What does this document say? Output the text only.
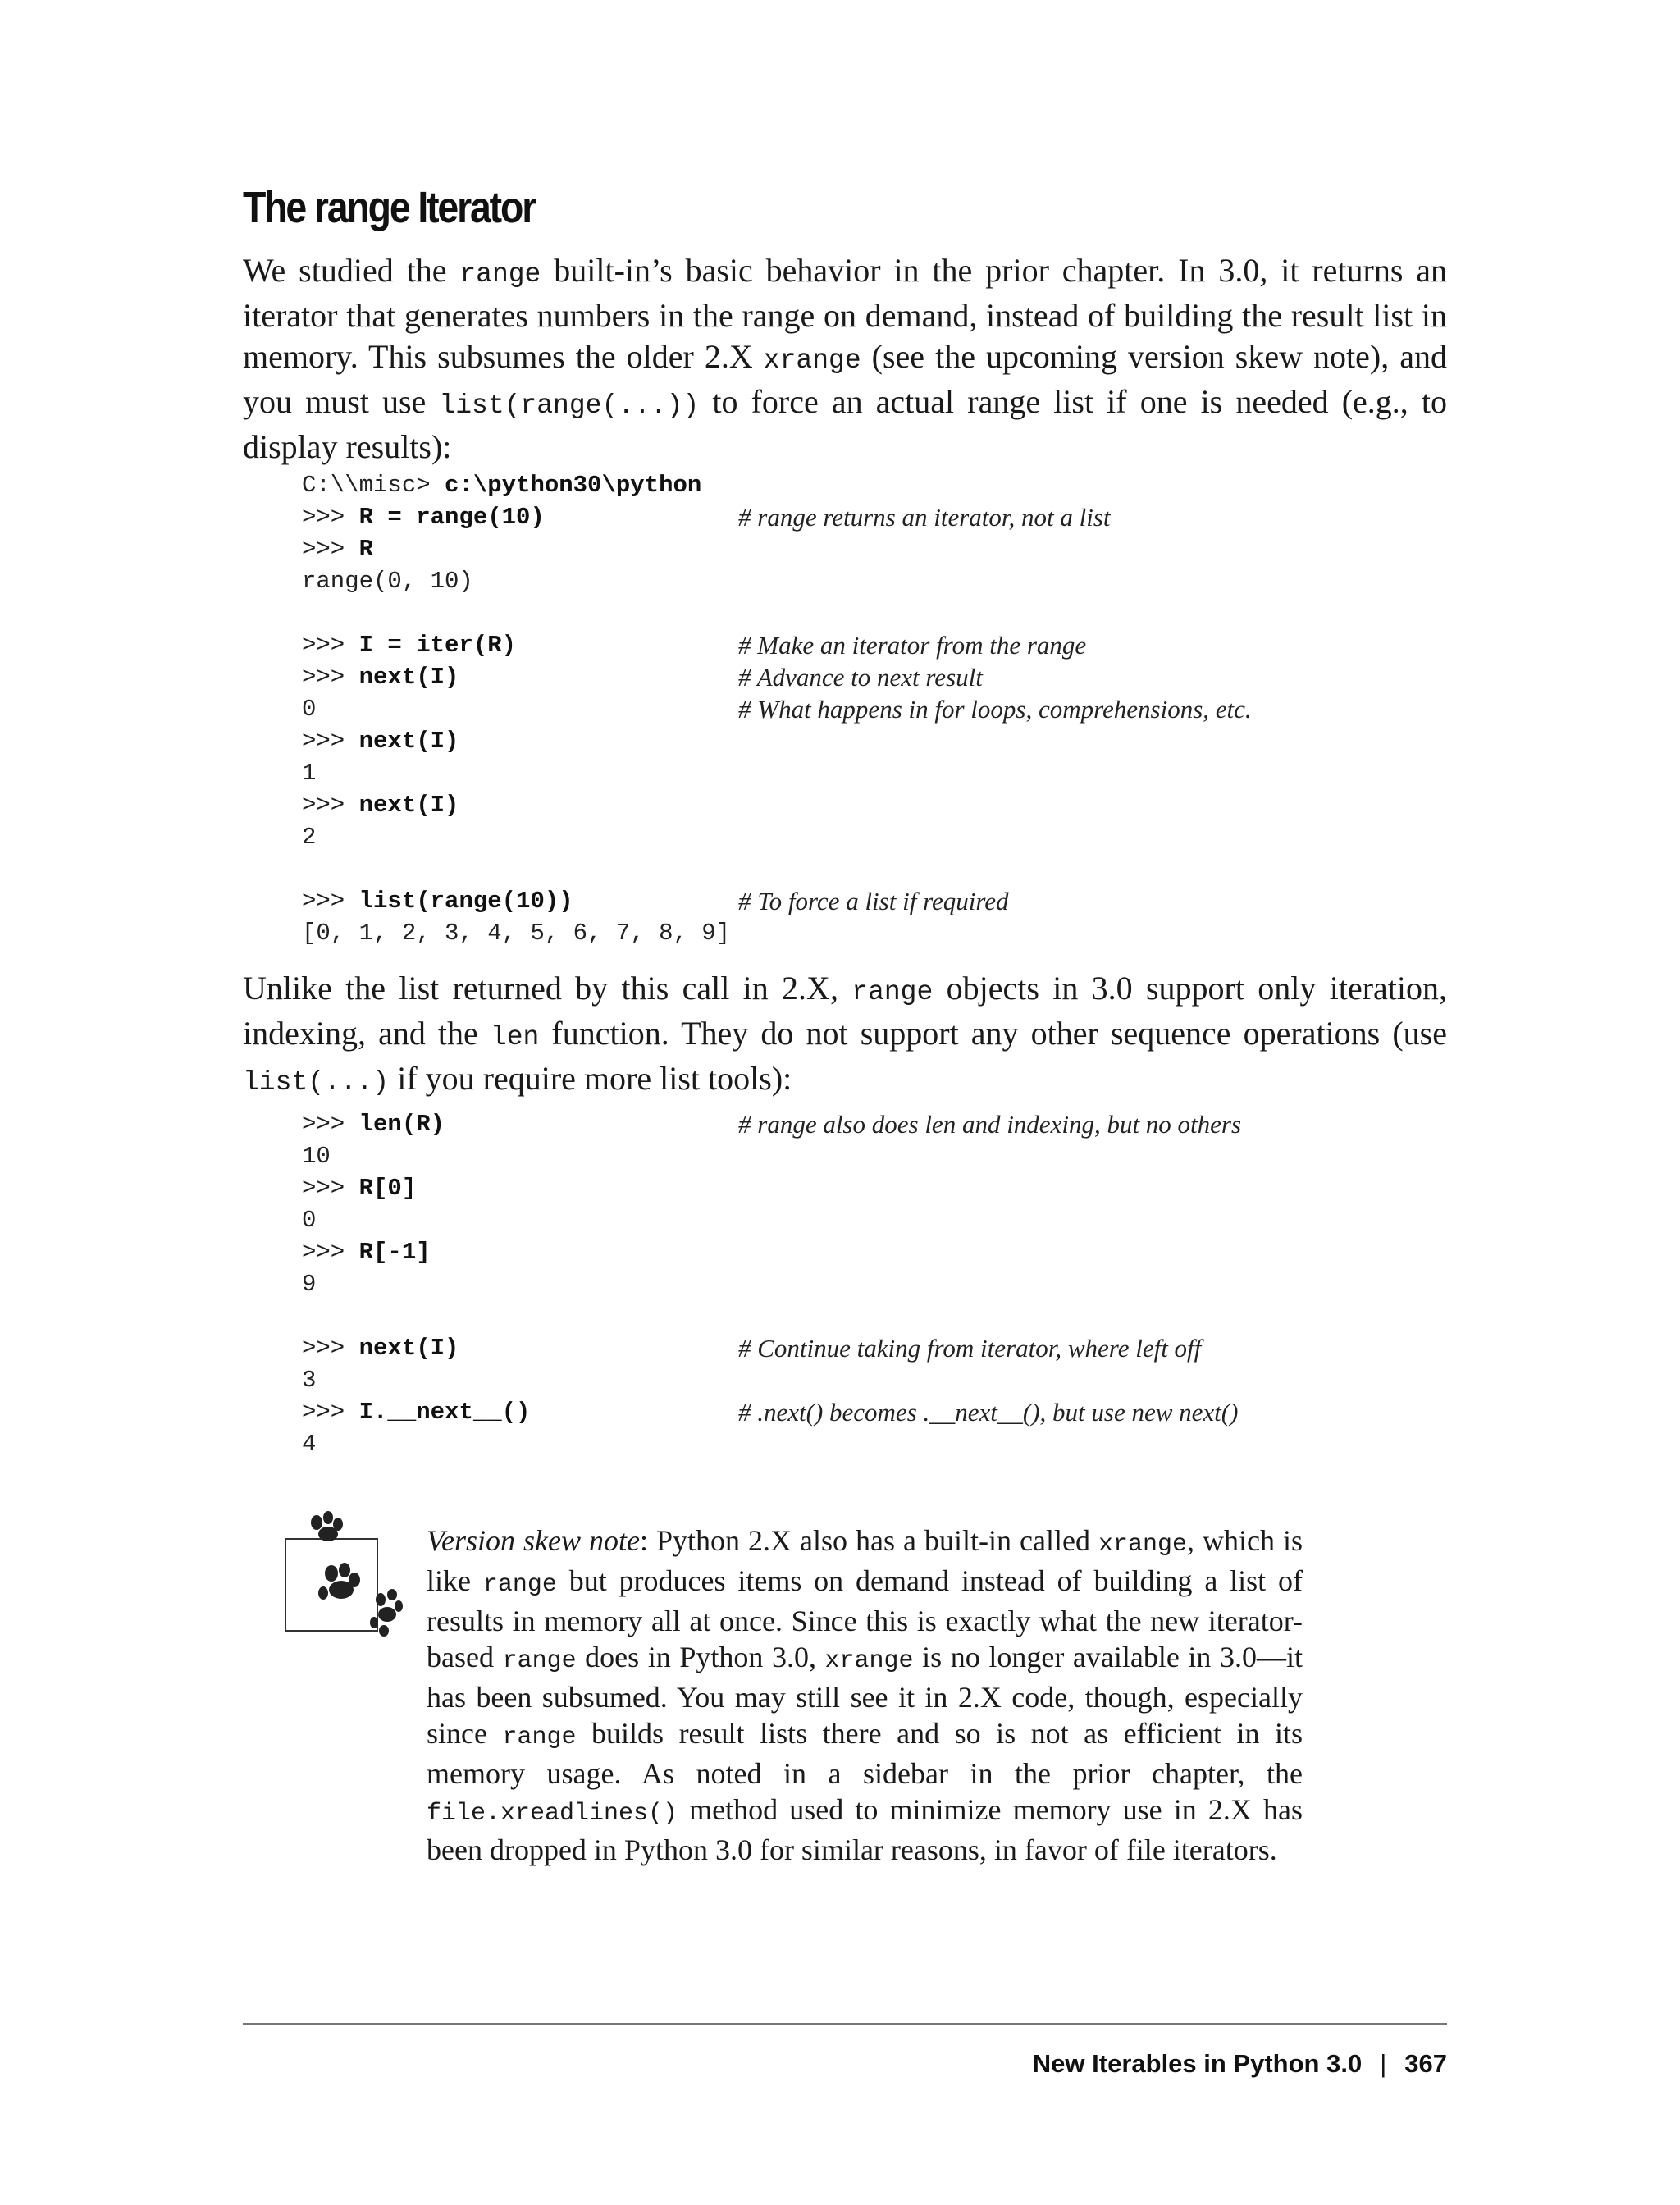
The range Iterator

We studied the range built-in’s basic behavior in the prior chapter. In 3.0, it returns an iterator that generates numbers in the range on demand, instead of building the result list in memory. This subsumes the older 2.X xrange (see the upcoming version skew note), and you must use list(range(...)) to force an actual range list if one is needed (e.g., to display results):

C:\\misc> c:\python30\python
>>> R = range(10)	# range returns an iterator, not a list
>>> R
range(0, 10)
>>> I = iter(R)	# Make an iterator from the range
>>> next(I)	# Advance to next result
0	# What happens in for loops, comprehensions, etc.
>>> next(I)
1
>>> next(I)
2
>>> list(range(10))	# To force a list if required
[0, 1, 2, 3, 4, 5, 6, 7, 8, 9]

Unlike the list returned by this call in 2.X, range objects in 3.0 support only iteration, indexing, and the len function. They do not support any other sequence operations (use list(...) if you require more list tools):

>>> len(R)	# range also does len and indexing, but no others
10
>>> R[0]
0
>>> R[-1]
9
>>> next(I)	# Continue taking from iterator, where left off
3
>>> I.__next__()	# .next() becomes .__next__(), but use new next()
4

Version skew note: Python 2.X also has a built-in called xrange, which is like range but produces items on demand instead of building a list of results in memory all at once. Since this is exactly what the new iterator-based range does in Python 3.0, xrange is no longer available in 3.0—it has been subsumed. You may still see it in 2.X code, though, especially since range builds result lists there and so is not as efficient in its memory usage. As noted in a sidebar in the prior chapter, the file.xreadlines() method used to minimize memory use in 2.X has been dropped in Python 3.0 for similar reasons, in favor of file iterators.

New Iterables in Python 3.0 | 367
